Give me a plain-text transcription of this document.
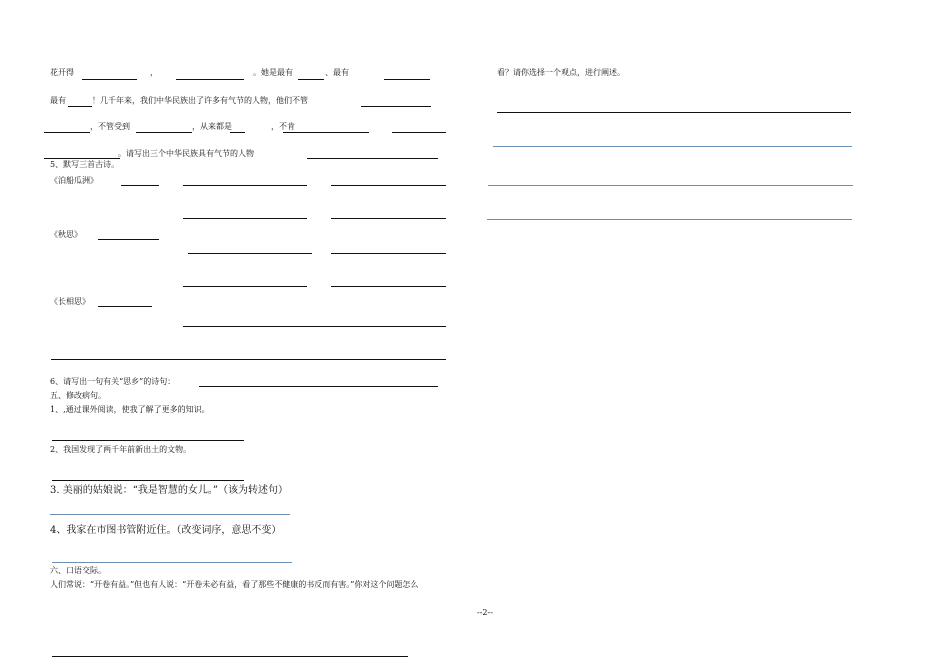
花开得	，	。她是最有	、最有
最有	！几千年来，我们中华民族出了许多有气节的人物，他们不管
，不管受到	，从来都是	，不肯
。请写出三个中华民族具有气节的人物
5、默写三首古诗。
《泊船瓜洲》
《秋思》
《长相思》
6、请写出一句有关“思乡”的诗句：
五、修改病句。
1、,通过课外阅读，使我了解了更多的知识。
2、我国发现了两千年前新出土的文物。
3. 美丽的姑娘说：“我是智慧的女儿。”（该为转述句）
4、我家在市图书管附近住。（改变词序，意思不变）
六、口语交际。
人们常说：“开卷有益。”但也有人说：“开卷未必有益，看了那些不健康的书反而有害。”你对这个问题怎么
--2--
看？请你选择一个观点，进行阐述。
